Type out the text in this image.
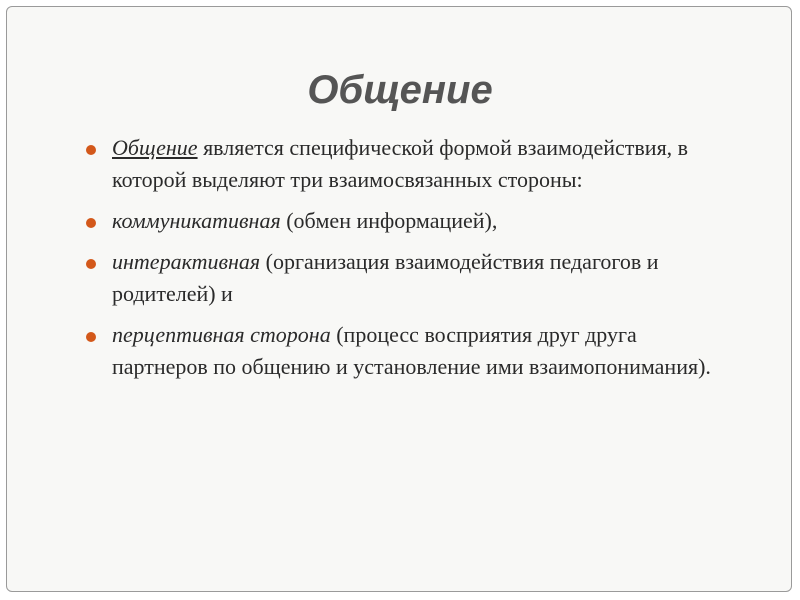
Общение
Общение является специфической формой взаимодействия, в которой выделяют три взаимосвязанных стороны:
коммуникативная (обмен информацией),
интерактивная (организация взаимодействия педагогов и родителей) и
перцептивная сторона (процесс восприятия друг друга партнеров по общению и установление ими взаимопонимания).
